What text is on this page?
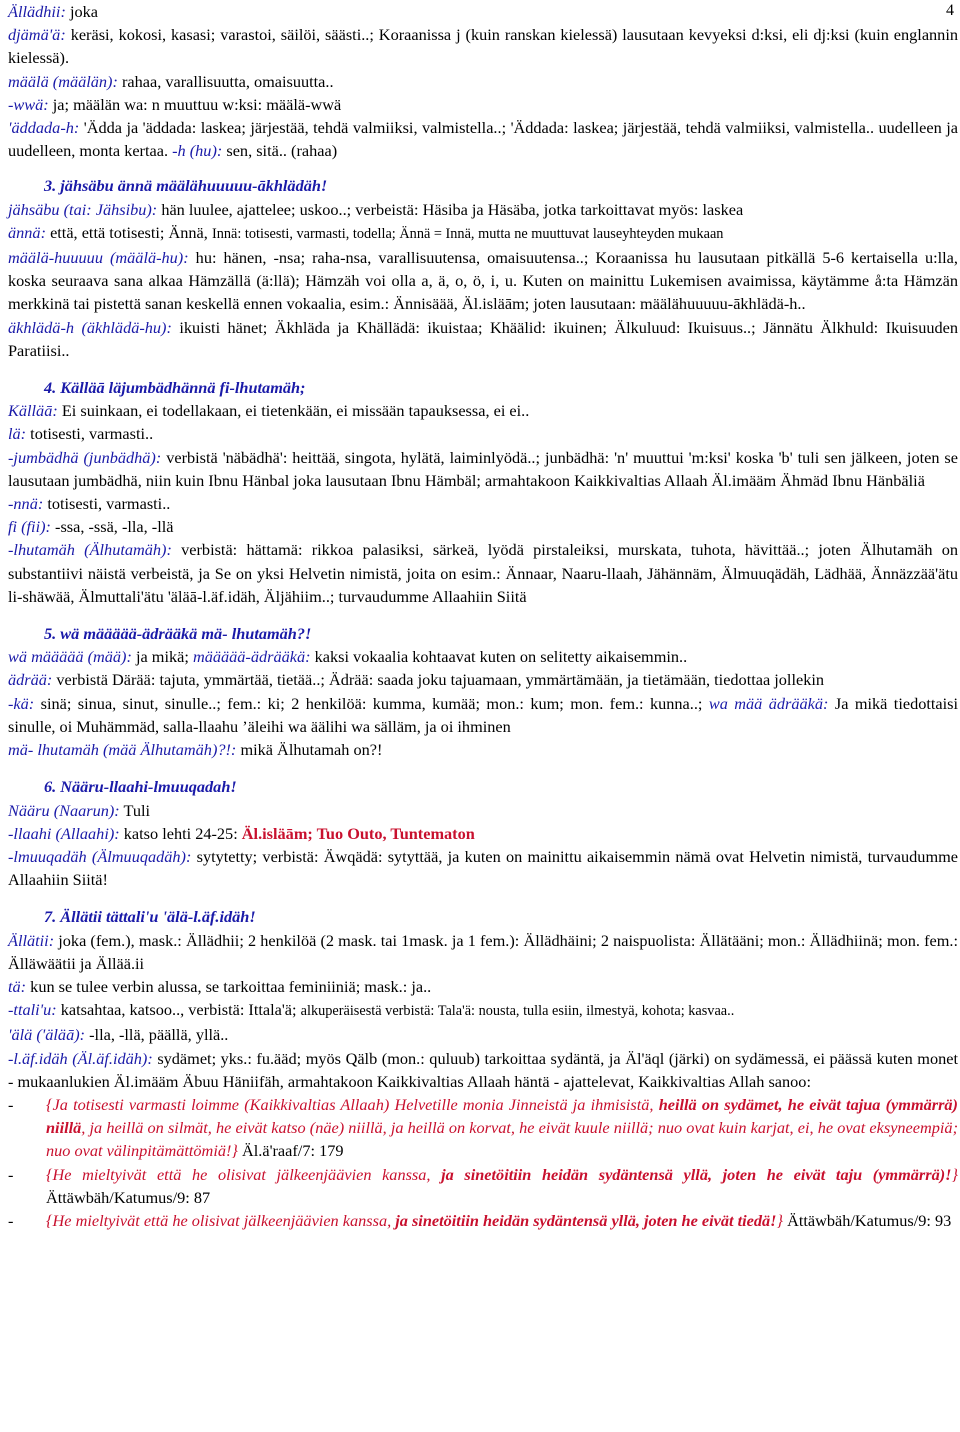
4

Ällädhii: joka

djämä'ä: keräsi, kokosi, kasasi; varastoi, säilöi, säästi..; Koraanissa j (kuin ranskan kielessä) lausutaan kevyeksi d:ksi, eli dj:ksi (kuin englannin kielessä).

määlä (määlän): rahaa, varallisuutta, omaisuutta..

-wwä: ja; määlän wa: n muuttuu w:ksi: määlä-wwä

'äddada-h: 'Ädda ja 'äddada: laskea; järjestää, tehdä valmiiksi, valmistella..; 'Äddada: laskea; järjestää, tehdä valmiiksi, valmistella.. uudelleen ja uudelleen, monta kertaa. -h (hu): sen, sitä.. (rahaa)

3. jähsäbu ännä määlähuuuuu-ākhlädäh!

jähsäbu (tai: Jähsibu): hän luulee, ajattelee; uskoo..; verbeistä: Häsiba ja Häsäba, jotka tarkoittavat myös: laskea

ännä: että, että totisesti; Ännä, Innä: totisesti, varmasti, todella; Ännä = Innä, mutta ne muuttuvat lauseyhteyden mukaan

määlä-huuuuu (määlä-hu): hu: hänen, -nsa; raha-nsa, varallisuutensa, omaisuutensa..; Koraanissa hu lausutaan pitkällä 5-6 kertaisella u:lla, koska seuraava sana alkaa Hämzällä (ä:llä); Hämzäh voi olla a, ä, o, ö, i, u. Kuten on mainittu Lukemisen avaimissa, käytämme å:ta Hämzän merkkinä tai pistettä sanan keskellä ennen vokaalia, esim.: Ännisäää, Äl.isläām; joten lausutaan: määlähuuuuu-ākhlädä-h..

äkhlädä-h (äkhlädä-hu): ikuisti hänet; Äkhläda ja Khällädä: ikuistaa; Khäälid: ikuinen; Älkuluud: Ikuisuus..; Jännätu Älkhuld: Ikuisuuden Paratiisi..

4. Källäā läjumbädhännä fi-lhutamäh;

Källäā: Ei suinkaan, ei todellakaan, ei tietenkään, ei missään tapauksessa, ei ei..

lä: totisesti, varmasti..

-jumbädhä (junbädhä): verbistä 'näbädhä': heittää, singota, hylätä, laiminlyödä..; junbädhä: 'n' muuttui 'm:ksi' koska 'b' tuli sen jälkeen, joten se lausutaan jumbädhä, niin kuin Ibnu Hänbal joka lausutaan Ibnu Hämbäl; armahtakoon Kaikkivaltias Allaah Äl.imääm Ähmäd Ibnu Hänbäliä

-nnä: totisesti, varmasti..

fi (fii): -ssa, -ssä, -lla, -llä

-lhutamäh (Älhutamäh): verbistä: hättamä: rikkoa palasiksi, särkeä, lyödä pirstaleiksi, murskata, tuhota, hävittää..; joten Älhutamäh on substantiivi näistä verbeistä, ja Se on yksi Helvetin nimistä, joita on esim.: Ännaar, Naaru-llaah, Jähännäm, Älmuuqädäh, Lädhää, Ännäzzää'ätu li-shäwää, Älmuttali'ätu 'äläā-l.äf.idäh, Äljähiim..; turvaudumme Allaahiin Siitä

5. wä määäää-ädrääkä mä- lhutamäh?!

wä määäää (mää): ja mikä; määäää-ädrääkä: kaksi vokaalia kohtaavat kuten on selitetty aikaisemmin..

ädrää: verbistä Därää: tajuta, ymmärtää, tietää..; Ädrää: saada joku tajuamaan, ymmärtämään, ja tietämään, tiedottaa jollekin

-kä: sinä; sinua, sinut, sinulle..; fem.: ki; 2 henkilöä: kumma, kumää; mon.: kum; mon. fem.: kunna..; wa mää ädrääkä: Ja mikä tiedottaisi sinulle, oi Muhämmäd, salla-llaahu ’äleihi wa äälihi wa sälläm, ja oi ihminen

mä- lhutamäh (mää Älhutamäh)?!: mikä Älhutamah on?!

6. Nääru-llaahi-lmuuqadah!

Nääru (Naarun): Tuli

-llaahi (Allaahi): katso lehti 24-25: Äl.isläām; Tuo Outo, Tuntematon

-lmuuqadäh (Älmuuqadäh): sytytetty; verbistä: Äwqädä: sytyttää, ja kuten on mainittu aikaisemmin nämä ovat Helvetin nimistä, turvaudumme Allaahiin Siitä!

7. Ällätii tättali'u 'älä-l.äf.idäh!

Ällätii: joka (fem.), mask.: Ällädhii; 2 henkilöä (2 mask. tai 1mask. ja 1 fem.): Ällädhäini; 2 naispuolista: Ällätääni; mon.: Ällädhiinä; mon. fem.: Älläwäätii ja Ällää.ii

tä: kun se tulee verbin alussa, se tarkoittaa feminiiniä; mask.: ja..

-ttali'u: katsahtaa, katsoo.., verbistä: Ittala'ä; alkuperäisestä verbistä: Tala'ä: nousta, tulla esiin, ilmestyä, kohota; kasvaa..

'älä ('äläā): -lla, -llä, päällä, yllä..

-l.äf.idäh (Äl.äf.idäh): sydämet; yks.: fu.ääd; myös Qälb (mon.: quluub) tarkoittaa sydäntä, ja Äl'äql (järki) on sydämessä, ei päässä kuten monet - mukaanlukien Äl.imääm Äbuu Häniifäh, armahtakoon Kaikkivaltias Allaah häntä - ajattelevat, Kaikkivaltias Allah sanoo:

-	{Ja totisesti varmasti loimme (Kaikkivaltias Allaah) Helvetille monia Jinneistä ja ihmisistä, heillä on sydämet, he eivät tajua (ymmärrä) niillä, ja heillä on silmät, he eivät katso (näe) niillä, ja heillä on korvat, he eivät kuule niillä; nuo ovat kuin karjat, ei, he ovat eksyneempiä; nuo ovat välinpitämättömiä!} Äl.ä'raaf/7: 179

-	{He mieltyivät että he olisivat jälkeenjäävien kanssa, ja sinetöitiin heidän sydäntensä yllä, joten he eivät taju (ymmärrä)!} Ättäwbäh/Katumus/9: 87

-	{He mieltyivät että he olisivat jälkeenjäävien kanssa, ja sinetöitiin heidän sydäntensä yllä, joten he eivät tiedä!} Ättäwbäh/Katumus/9: 93
